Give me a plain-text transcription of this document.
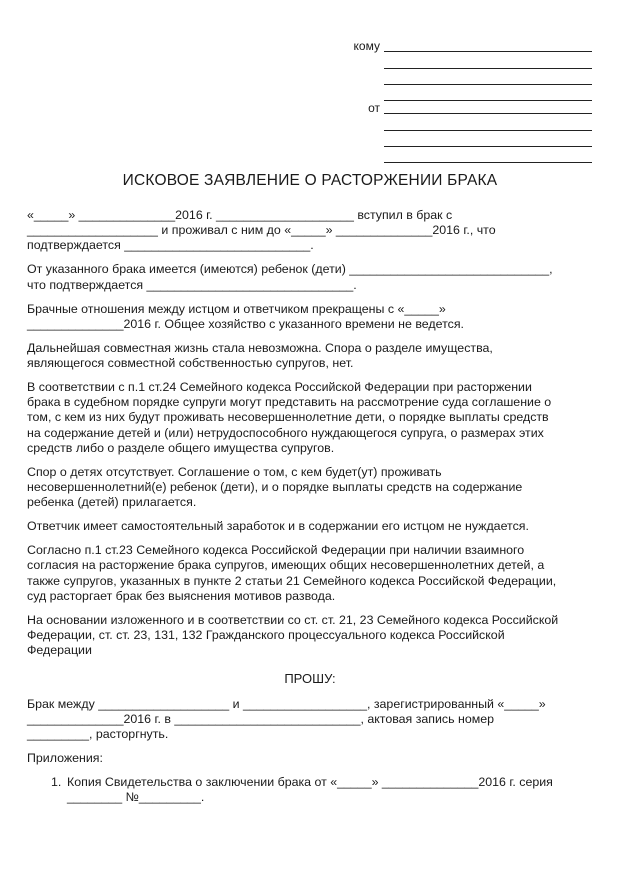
кому
от
ИСКОВОЕ ЗАЯВЛЕНИЕ О РАСТОРЖЕНИИ БРАКА
«_____» ______________2016 г. ____________________ вступил в брак с
___________________ и проживал с ним до «_____» ______________2016 г., что
подтверждается ___________________________.
От указанного брака имеется (имеются) ребенок (дети) _____________________________,
что подтверждается ______________________________.
Брачные отношения между истцом и ответчиком прекращены с «_____»
______________2016 г. Общее хозяйство с указанного времени не ведется.
Дальнейшая совместная жизнь стала невозможна. Спора о разделе имущества,
являющегося совместной собственностью супругов, нет.
В соответствии с п.1 ст.24 Семейного кодекса Российской Федерации при расторжении
брака в судебном порядке супруги могут представить на рассмотрение суда соглашение о
том, с кем из них будут проживать несовершеннолетние дети, о порядке выплаты средств
на содержание детей и (или) нетрудоспособного нуждающегося супруга, о размерах этих
средств либо о разделе общего имущества супругов.
Спор о детях отсутствует. Соглашение о том, с кем будет(ут) проживать
несовершеннолетний(е) ребенок (дети), и о порядке выплаты средств на содержание
ребенка (детей) прилагается.
Ответчик имеет самостоятельный заработок и в содержании его истцом не нуждается.
Согласно п.1 ст.23 Семейного кодекса Российской Федерации при наличии взаимного
согласия на расторжение брака супругов, имеющих общих несовершеннолетних детей, а
также супругов, указанных в пункте 2 статьи 21 Семейного кодекса Российской Федерации,
суд расторгает брак без выяснения мотивов развода.
На основании изложенного и в соответствии со ст. ст. 21, 23 Семейного кодекса Российской
Федерации, ст. ст. 23, 131, 132 Гражданского процессуального кодекса Российской
Федерации
ПРОШУ:
Брак между ___________________ и __________________, зарегистрированный «_____»
______________2016 г. в ___________________________, актовая запись номер
_________, расторгнуть.
Приложения:
1. Копия Свидетельства о заключении брака от «_____» ______________2016 г. серия
________ №_________.
